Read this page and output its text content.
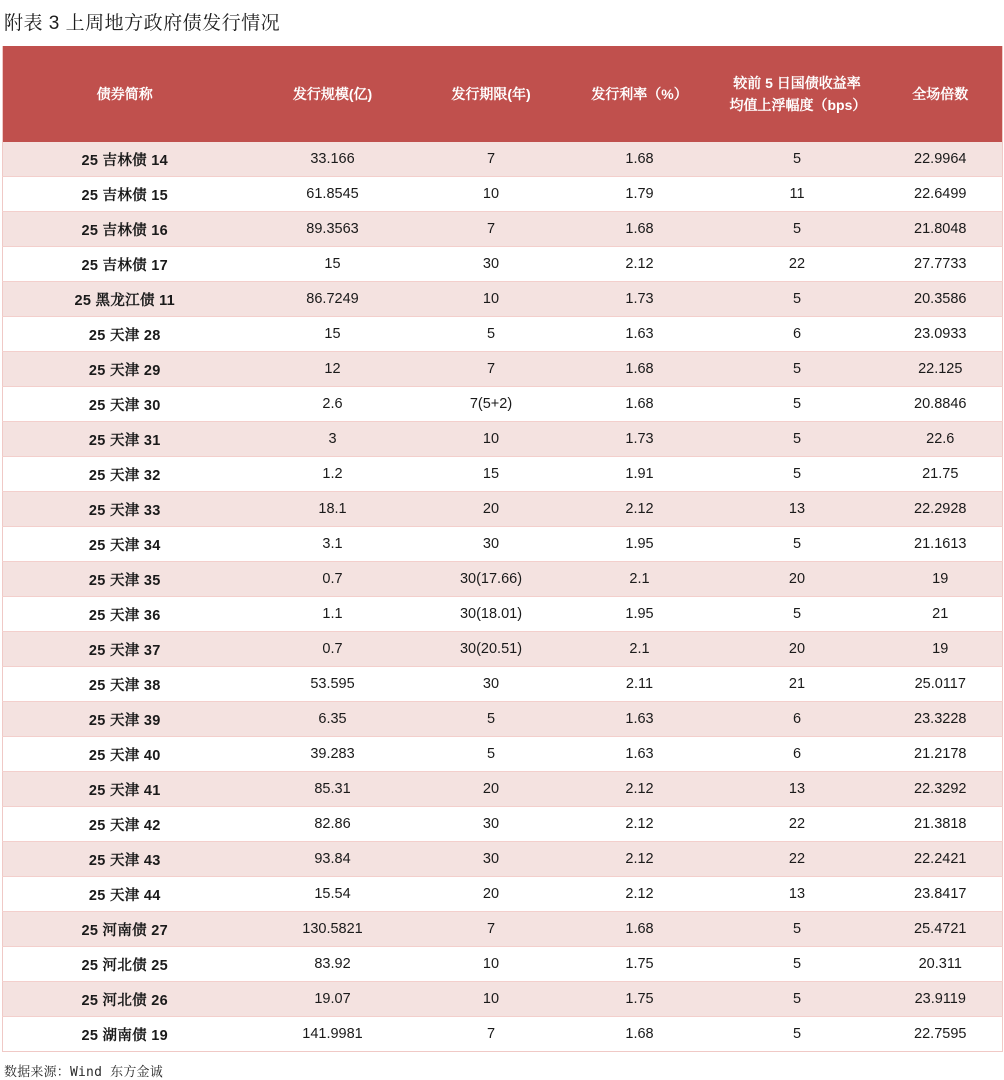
附表 3 上周地方政府债发行情况
债券简称	发行规模(亿)	发行期限(年)	发行利率（%）	较前 5 日国债收益率均值上浮幅度（bps）	全场倍数
25 吉林债 14	33.166	7	1.68	5	22.9964
25 吉林债 15	61.8545	10	1.79	11	22.6499
25 吉林债 16	89.3563	7	1.68	5	21.8048
25 吉林债 17	15	30	2.12	22	27.7733
25 黑龙江债 11	86.7249	10	1.73	5	20.3586
25 天津 28	15	5	1.63	6	23.0933
25 天津 29	12	7	1.68	5	22.125
25 天津 30	2.6	7(5+2)	1.68	5	20.8846
25 天津 31	3	10	1.73	5	22.6
25 天津 32	1.2	15	1.91	5	21.75
25 天津 33	18.1	20	2.12	13	22.2928
25 天津 34	3.1	30	1.95	5	21.1613
25 天津 35	0.7	30(17.66)	2.1	20	19
25 天津 36	1.1	30(18.01)	1.95	5	21
25 天津 37	0.7	30(20.51)	2.1	20	19
25 天津 38	53.595	30	2.11	21	25.0117
25 天津 39	6.35	5	1.63	6	23.3228
25 天津 40	39.283	5	1.63	6	21.2178
25 天津 41	85.31	20	2.12	13	22.3292
25 天津 42	82.86	30	2.12	22	21.3818
25 天津 43	93.84	30	2.12	22	22.2421
25 天津 44	15.54	20	2.12	13	23.8417
25 河南债 27	130.5821	7	1.68	5	25.4721
25 河北债 25	83.92	10	1.75	5	20.311
25 河北债 26	19.07	10	1.75	5	23.9119
25 湖南债 19	141.9981	7	1.68	5	22.7595
数据来源：Wind 东方金诚
